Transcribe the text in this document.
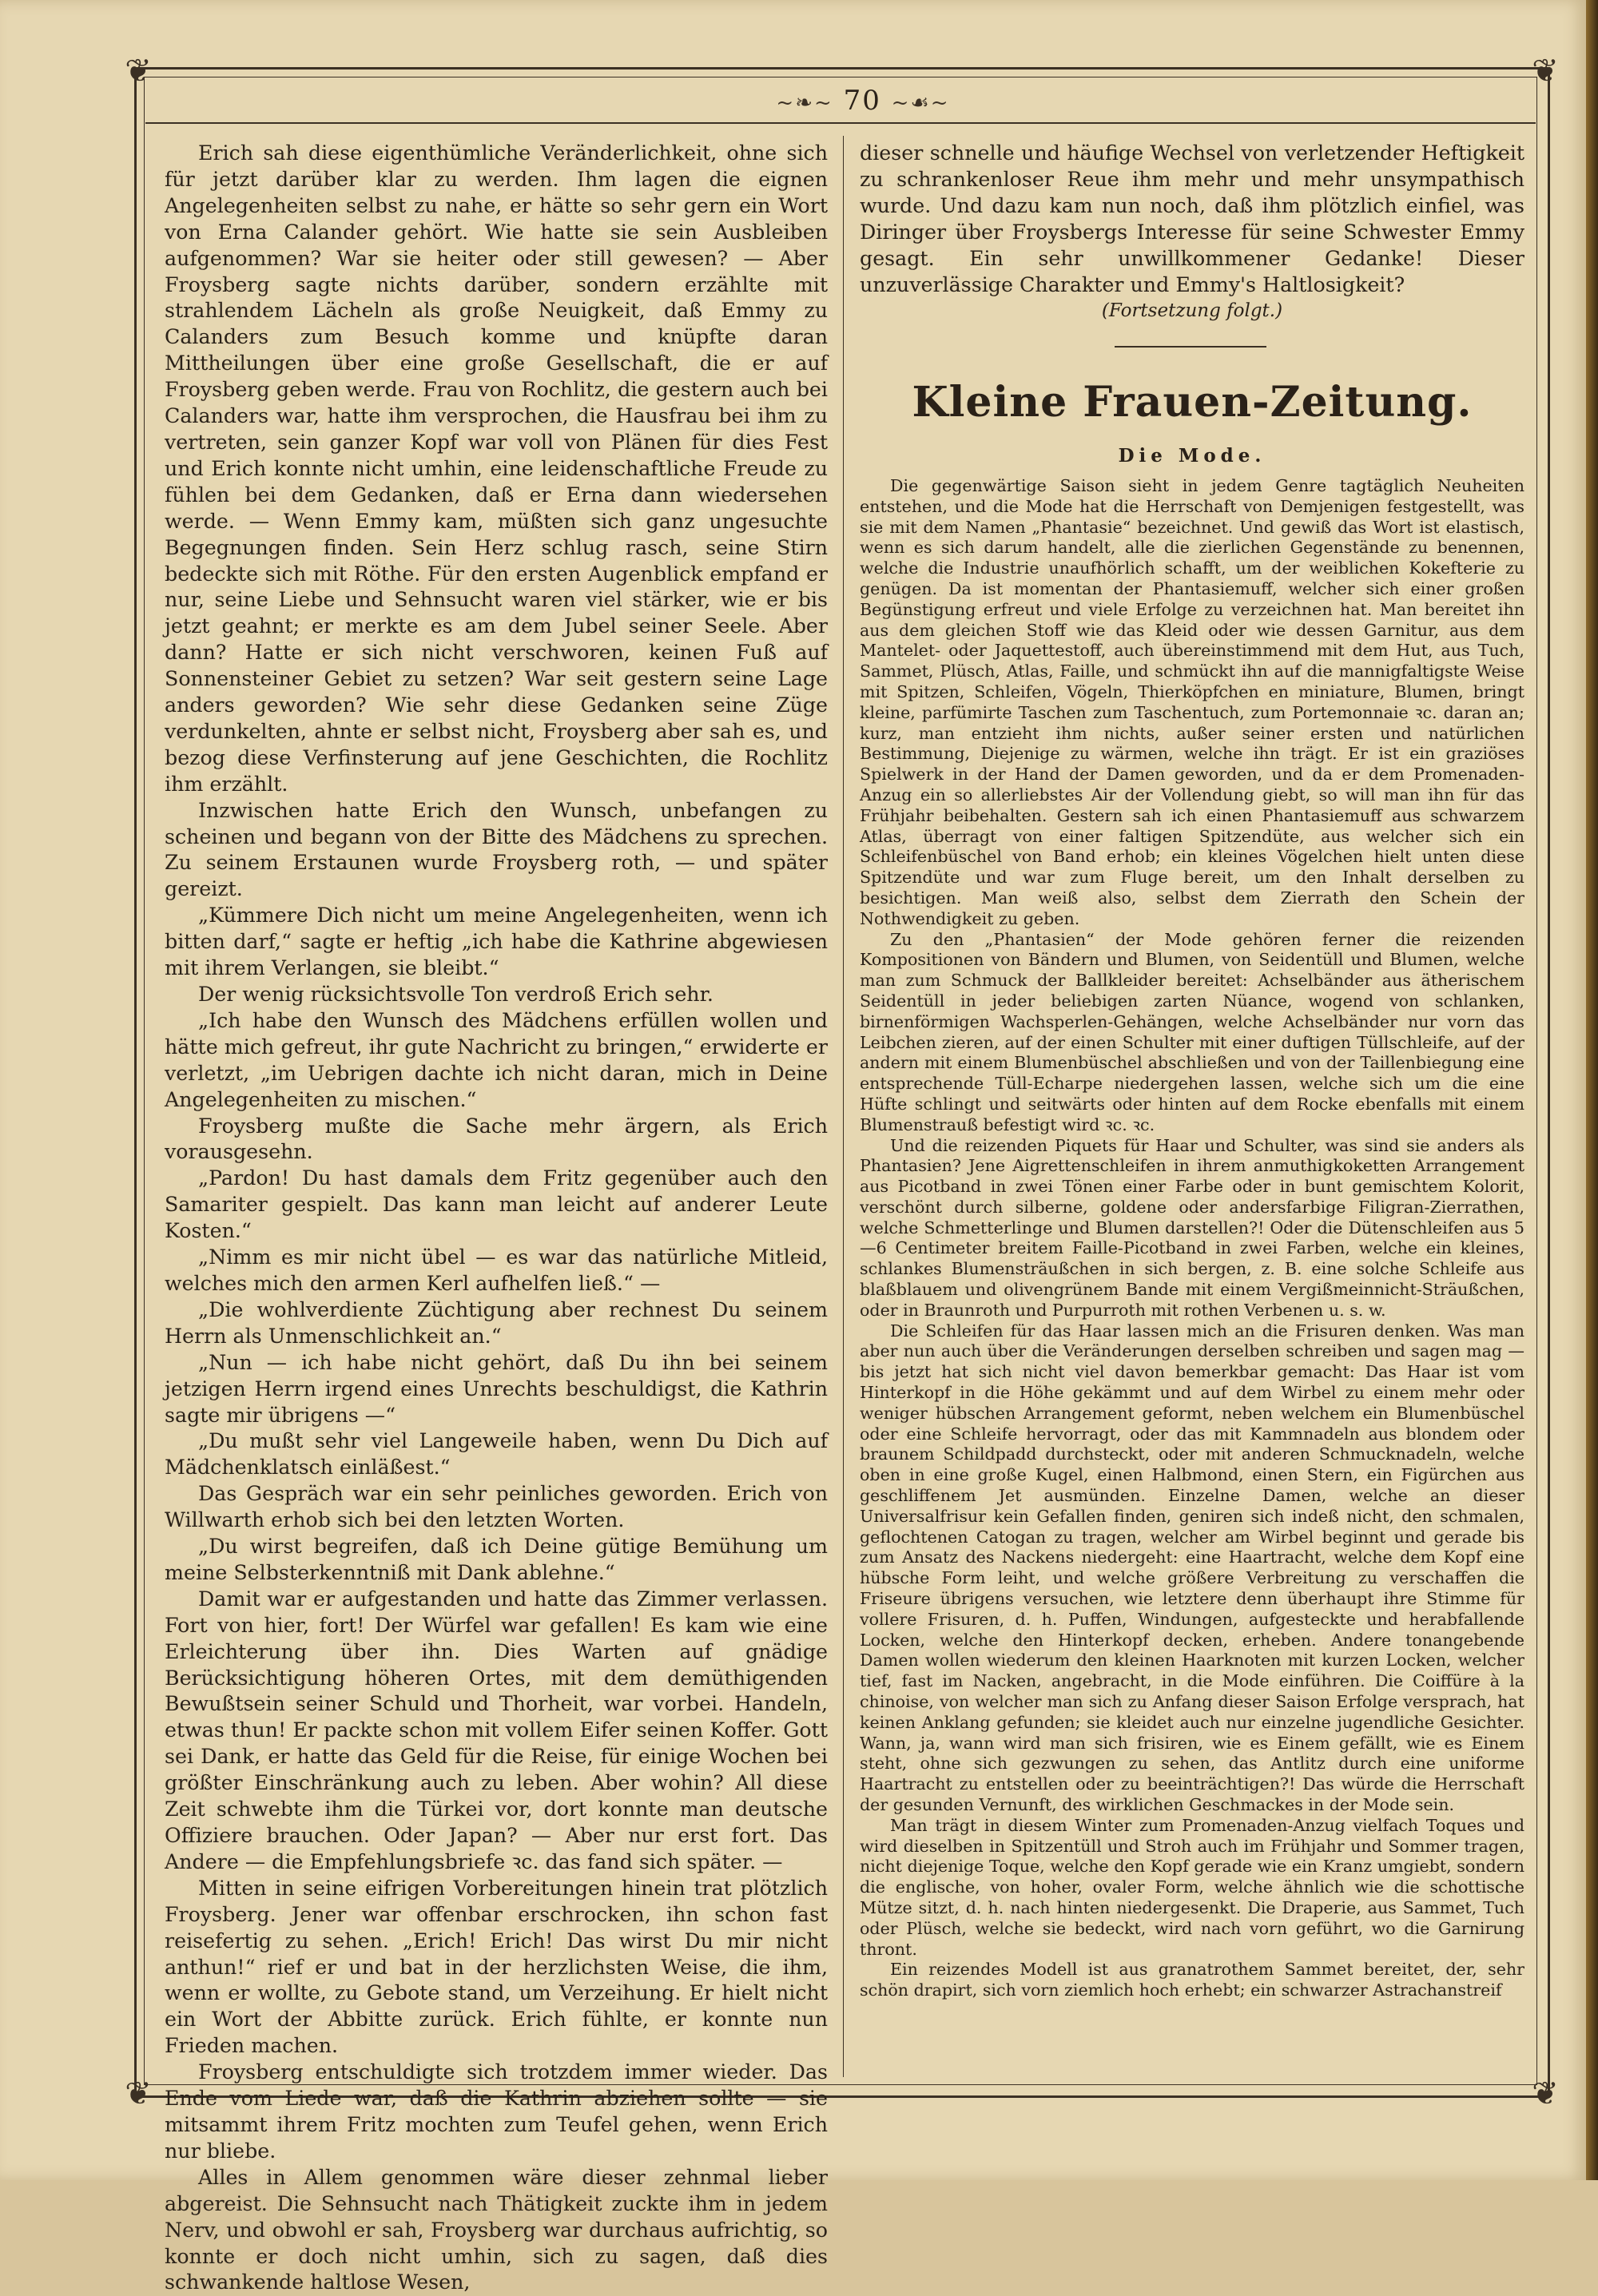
❦	❦
❦	❦
~❧~ 70 ~☙~

Erich sah diese eigenthümliche Veränderlichkeit, ohne sich für jetzt darüber klar zu werden. Ihm lagen die eignen Angelegenheiten selbst zu nahe, er hätte so sehr gern ein Wort von Erna Calander gehört. Wie hatte sie sein Ausbleiben aufgenommen? War sie heiter oder still gewesen? — Aber Froysberg sagte nichts darüber, sondern erzählte mit strahlendem Lächeln als große Neuigkeit, daß Emmy zu Calanders zum Besuch komme und knüpfte daran Mittheilungen über eine große Gesellschaft, die er auf Froysberg geben werde. Frau von Rochlitz, die gestern auch bei Calanders war, hatte ihm versprochen, die Hausfrau bei ihm zu vertreten, sein ganzer Kopf war voll von Plänen für dies Fest und Erich konnte nicht umhin, eine leidenschaftliche Freude zu fühlen bei dem Gedanken, daß er Erna dann wiedersehen werde. — Wenn Emmy kam, müßten sich ganz ungesuchte Begegnungen finden. Sein Herz schlug rasch, seine Stirn bedeckte sich mit Röthe. Für den ersten Augenblick empfand er nur, seine Liebe und Sehnsucht waren viel stärker, wie er bis jetzt geahnt; er merkte es am dem Jubel seiner Seele. Aber dann? Hatte er sich nicht verschworen, keinen Fuß auf Sonnensteiner Gebiet zu setzen? War seit gestern seine Lage anders geworden? Wie sehr diese Gedanken seine Züge verdunkelten, ahnte er selbst nicht, Froysberg aber sah es, und bezog diese Verfinsterung auf jene Geschichten, die Rochlitz ihm erzählt.

Inzwischen hatte Erich den Wunsch, unbefangen zu scheinen und begann von der Bitte des Mädchens zu sprechen. Zu seinem Erstaunen wurde Froysberg roth, — und später gereizt.

„Kümmere Dich nicht um meine Angelegenheiten, wenn ich bitten darf,“ sagte er heftig „ich habe die Kathrine abgewiesen mit ihrem Verlangen, sie bleibt.“

Der wenig rücksichtsvolle Ton verdroß Erich sehr.

„Ich habe den Wunsch des Mädchens erfüllen wollen und hätte mich gefreut, ihr gute Nachricht zu bringen,“ erwiderte er verletzt, „im Uebrigen dachte ich nicht daran, mich in Deine Angelegenheiten zu mischen.“

Froysberg mußte die Sache mehr ärgern, als Erich vorausgesehn.

„Pardon! Du hast damals dem Fritz gegenüber auch den Samariter gespielt. Das kann man leicht auf anderer Leute Kosten.“

„Nimm es mir nicht übel — es war das natürliche Mitleid, welches mich den armen Kerl aufhelfen ließ.“ —

„Die wohlverdiente Züchtigung aber rechnest Du seinem Herrn als Unmenschlichkeit an.“

„Nun — ich habe nicht gehört, daß Du ihn bei seinem jetzigen Herrn irgend eines Unrechts beschuldigst, die Kathrin sagte mir übrigens —“

„Du mußt sehr viel Langeweile haben, wenn Du Dich auf Mädchenklatsch einläßest.“

Das Gespräch war ein sehr peinliches geworden. Erich von Willwarth erhob sich bei den letzten Worten.

„Du wirst begreifen, daß ich Deine gütige Bemühung um meine Selbsterkenntniß mit Dank ablehne.“

Damit war er aufgestanden und hatte das Zimmer verlassen. Fort von hier, fort! Der Würfel war gefallen! Es kam wie eine Erleichterung über ihn. Dies Warten auf gnädige Berücksichtigung höheren Ortes, mit dem demüthigenden Bewußtsein seiner Schuld und Thorheit, war vorbei. Handeln, etwas thun! Er packte schon mit vollem Eifer seinen Koffer. Gott sei Dank, er hatte das Geld für die Reise, für einige Wochen bei größter Einschränkung auch zu leben. Aber wohin? All diese Zeit schwebte ihm die Türkei vor, dort konnte man deutsche Offiziere brauchen. Oder Japan? — Aber nur erst fort. Das Andere — die Empfehlungsbriefe ꝛc. das fand sich später. —

Mitten in seine eifrigen Vorbereitungen hinein trat plötzlich Froysberg. Jener war offenbar erschrocken, ihn schon fast reisefertig zu sehen. „Erich! Erich! Das wirst Du mir nicht anthun!“ rief er und bat in der herzlichsten Weise, die ihm, wenn er wollte, zu Gebote stand, um Verzeihung. Er hielt nicht ein Wort der Abbitte zurück. Erich fühlte, er konnte nun Frieden machen.

Froysberg entschuldigte sich trotzdem immer wieder. Das Ende vom Liede war, daß die Kathrin abziehen sollte — sie mitsammt ihrem Fritz mochten zum Teufel gehen, wenn Erich nur bliebe.

Alles in Allem genommen wäre dieser zehnmal lieber abgereist. Die Sehnsucht nach Thätigkeit zuckte ihm in jedem Nerv, und obwohl er sah, Froysberg war durchaus aufrichtig, so konnte er doch nicht umhin, sich zu sagen, daß dies schwankende haltlose Wesen,

dieser schnelle und häufige Wechsel von verletzender Heftigkeit zu schrankenloser Reue ihm mehr und mehr unsympathisch wurde. Und dazu kam nun noch, daß ihm plötzlich einfiel, was Diringer über Froysbergs Interesse für seine Schwester Emmy gesagt. Ein sehr unwillkommener Gedanke! Dieser unzuverlässige Charakter und Emmy's Haltlosigkeit?

(Fortsetzung folgt.)
Kleine Frauen-Zeitung.
Die Mode.

Die gegenwärtige Saison sieht in jedem Genre tagtäglich Neuheiten entstehen, und die Mode hat die Herrschaft von Demjenigen festgestellt, was sie mit dem Namen „Phantasie“ bezeichnet. Und gewiß das Wort ist elastisch, wenn es sich darum handelt, alle die zierlichen Gegenstände zu benennen, welche die Industrie unaufhörlich schafft, um der weiblichen Kokefterie zu genügen. Da ist momentan der Phantasiemuff, welcher sich einer großen Begünstigung erfreut und viele Erfolge zu verzeichnen hat. Man bereitet ihn aus dem gleichen Stoff wie das Kleid oder wie dessen Garnitur, aus dem Mantelet- oder Jaquettestoff, auch übereinstimmend mit dem Hut, aus Tuch, Sammet, Plüsch, Atlas, Faille, und schmückt ihn auf die mannigfaltigste Weise mit Spitzen, Schleifen, Vögeln, Thierköpfchen en miniature, Blumen, bringt kleine, parfümirte Taschen zum Taschentuch, zum Portemonnaie ꝛc. daran an; kurz, man entzieht ihm nichts, außer seiner ersten und natürlichen Bestimmung, Diejenige zu wärmen, welche ihn trägt. Er ist ein graziöses Spielwerk in der Hand der Damen geworden, und da er dem Promenaden-Anzug ein so allerliebstes Air der Vollendung giebt, so will man ihn für das Frühjahr beibehalten. Gestern sah ich einen Phantasiemuff aus schwarzem Atlas, überragt von einer faltigen Spitzendüte, aus welcher sich ein Schleifenbüschel von Band erhob; ein kleines Vögelchen hielt unten diese Spitzendüte und war zum Fluge bereit, um den Inhalt derselben zu besichtigen. Man weiß also, selbst dem Zierrath den Schein der Nothwendigkeit zu geben.

Zu den „Phantasien“ der Mode gehören ferner die reizenden Kompositionen von Bändern und Blumen, von Seidentüll und Blumen, welche man zum Schmuck der Ballkleider bereitet: Achselbänder aus ätherischem Seidentüll in jeder beliebigen zarten Nüance, wogend von schlanken, birnenförmigen Wachsperlen-Gehängen, welche Achselbänder nur vorn das Leibchen zieren, auf der einen Schulter mit einer duftigen Tüllschleife, auf der andern mit einem Blumenbüschel abschließen und von der Taillenbiegung eine entsprechende Tüll-Echarpe niedergehen lassen, welche sich um die eine Hüfte schlingt und seitwärts oder hinten auf dem Rocke ebenfalls mit einem Blumenstrauß befestigt wird ꝛc. ꝛc.

Und die reizenden Piquets für Haar und Schulter, was sind sie anders als Phantasien? Jene Aigrettenschleifen in ihrem anmuthigkoketten Arrangement aus Picotband in zwei Tönen einer Farbe oder in bunt gemischtem Kolorit, verschönt durch silberne, goldene oder andersfarbige Filigran-Zierrathen, welche Schmetterlinge und Blumen darstellen?! Oder die Dütenschleifen aus 5—6 Centimeter breitem Faille-Picotband in zwei Farben, welche ein kleines, schlankes Blumensträußchen in sich bergen, z. B. eine solche Schleife aus blaßblauem und olivengrünem Bande mit einem Vergißmeinnicht-Sträußchen, oder in Braunroth und Purpurroth mit rothen Verbenen u. s. w.

Die Schleifen für das Haar lassen mich an die Frisuren denken. Was man aber nun auch über die Veränderungen derselben schreiben und sagen mag — bis jetzt hat sich nicht viel davon bemerkbar gemacht: Das Haar ist vom Hinterkopf in die Höhe gekämmt und auf dem Wirbel zu einem mehr oder weniger hübschen Arrangement geformt, neben welchem ein Blumenbüschel oder eine Schleife hervorragt, oder das mit Kammnadeln aus blondem oder braunem Schildpadd durchsteckt, oder mit anderen Schmucknadeln, welche oben in eine große Kugel, einen Halbmond, einen Stern, ein Figürchen aus geschliffenem Jet ausmünden. Einzelne Damen, welche an dieser Universalfrisur kein Gefallen finden, geniren sich indeß nicht, den schmalen, geflochtenen Catogan zu tragen, welcher am Wirbel beginnt und gerade bis zum Ansatz des Nackens niedergeht: eine Haartracht, welche dem Kopf eine hübsche Form leiht, und welche größere Verbreitung zu verschaffen die Friseure übrigens versuchen, wie letztere denn überhaupt ihre Stimme für vollere Frisuren, d. h. Puffen, Windungen, aufgesteckte und herabfallende Locken, welche den Hinterkopf decken, erheben. Andere tonangebende Damen wollen wiederum den kleinen Haarknoten mit kurzen Locken, welcher tief, fast im Nacken, angebracht, in die Mode einführen. Die Coiffüre à la chinoise, von welcher man sich zu Anfang dieser Saison Erfolge versprach, hat keinen Anklang gefunden; sie kleidet auch nur einzelne jugendliche Gesichter. Wann, ja, wann wird man sich frisiren, wie es Einem gefällt, wie es Einem steht, ohne sich gezwungen zu sehen, das Antlitz durch eine uniforme Haartracht zu entstellen oder zu beeinträchtigen?! Das würde die Herrschaft der gesunden Vernunft, des wirklichen Geschmackes in der Mode sein.

Man trägt in diesem Winter zum Promenaden-Anzug vielfach Toques und wird dieselben in Spitzentüll und Stroh auch im Frühjahr und Sommer tragen, nicht diejenige Toque, welche den Kopf gerade wie ein Kranz umgiebt, sondern die englische, von hoher, ovaler Form, welche ähnlich wie die schottische Mütze sitzt, d. h. nach hinten niedergesenkt. Die Draperie, aus Sammet, Tuch oder Plüsch, welche sie bedeckt, wird nach vorn geführt, wo die Garnirung thront.

Ein reizendes Modell ist aus granatrothem Sammet bereitet, der, sehr schön drapirt, sich vorn ziemlich hoch erhebt; ein schwarzer Astrachanstreif
